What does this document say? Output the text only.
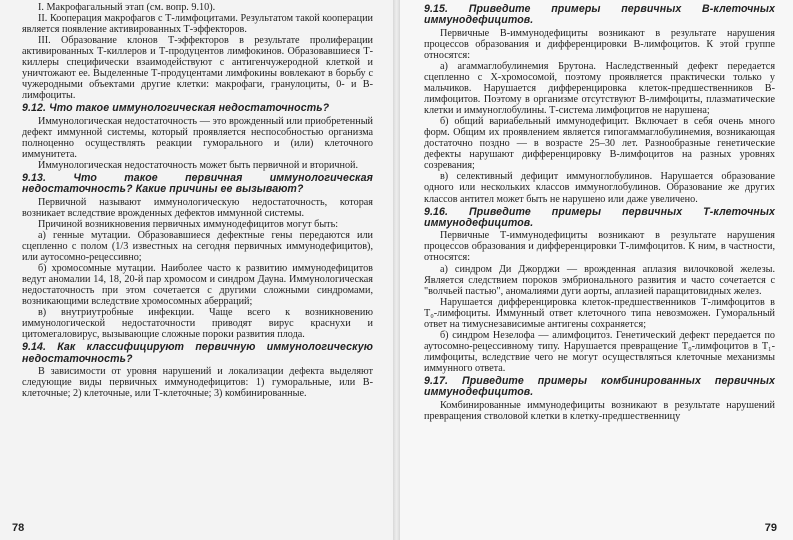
I. Макрофагальный этап (см. вопр. 9.10).

II. Кооперация макрофагов с Т-лимфоцитами. Результатом такой кооперации является появление активированных Т-эффекторов.

III. Образование клонов Т-эффекторов в результате пролиферации активированных Т-киллеров и Т-продуцентов лимфокинов. Образовавшиеся Т-киллеры специфически взаимодействуют с антигенчужеродной клеткой и уничтожают ее. Выделенные Т-продуцентами лимфокины вовлекают в борьбу с чужеродными объектами другие клетки: макрофаги, гранулоциты, 0- и В-лимфоциты.

9.12. Что такое иммунологическая недостаточность?

Иммунологическая недостаточность — это врожденный или приобретенный дефект иммунной системы, который проявляется неспособностью организма полноценно осуществлять реакции гуморального и (или) клеточного иммунитета.

Иммунологическая недостаточность может быть первичной и вторичной.

9.13. Что такое первичная иммунологическая недостаточность? Какие причины ее вызывают?

Первичной называют иммунологическую недостаточность, которая возникает вследствие врожденных дефектов иммунной системы.

Причиной возникновения первичных иммунодефицитов могут быть:

а) генные мутации. Образовавшиеся дефектные гены передаются или сцепленно с полом (1/3 известных на сегодня первичных иммунодефицитов), или аутосомно-рецессивно;

б) хромосомные мутации. Наиболее часто к развитию иммунодефицитов ведут аномалии 14, 18, 20-й пар хромосом и синдром Дауна. Иммунологическая недостаточность при этом сочетается с другими сложными синдромами, возникающими вследствие хромосомных аберраций;

в) внутриутробные инфекции. Чаще всего к возникновению иммунологической недостаточности приводят вирус краснухи и цитомегаловирус, вызывающие сложные пороки развития плода.

9.14. Как классифицируют первичную иммунологическую недостаточность?

В зависимости от уровня нарушений и локализации дефекта выделяют следующие виды первичных иммунодефицитов: 1) гуморальные, или В-клеточные; 2) клеточные, или Т-клеточные; 3) комбинированные.

78

9.15. Приведите примеры первичных В-клеточных иммунодефицитов.

Первичные В-иммунодефициты возникают в результате нарушения процессов образования и дифференцировки В-лимфоцитов. К этой группе относятся:

а) агаммаглобулинемия Брутона. Наследственный дефект передается сцепленно с X-хромосомой, поэтому проявляется практически только у мальчиков. Нарушается дифференцировка клеток-предшественников В-лимфоцитов. Поэтому в организме отсутствуют В-лимфоциты, плазматические клетки и иммуноглобулины. Т-система лимфоцитов не нарушена;

б) общий вариабельный иммунодефицит. Включает в себя очень много форм. Общим их проявлением является гипогаммаглобулинемия, возникающая достаточно поздно — в возрасте 25–30 лет. Разнообразные генетические дефекты нарушают дифференцировку В-лимфоцитов на разных уровнях созревания;

в) селективный дефицит иммуноглобулинов. Нарушается образование одного или нескольких классов иммуноглобулинов. Образование же других классов антител может быть не нарушено или даже увеличено.

9.16. Приведите примеры первичных Т-клеточных иммунодефицитов.

Первичные Т-иммунодефициты возникают в результате нарушения процессов образования и дифференцировки Т-лимфоцитов. К ним, в частности, относятся:

а) синдром Ди Джорджи — врожденная аплазия вилочковой железы. Является следствием пороков эмбрионального развития и часто сочетается с "волчьей пастью", аномалиями дуги аорты, аплазией паращитовидных желез.

Нарушается дифференцировка клеток-предшественников Т-лимфоцитов в Т₀-лимфоциты. Иммунный ответ клеточного типа невозможен. Гуморальный ответ на тимуснезависимые антигены сохраняется;

б) синдром Незелофа — алимфоцитоз. Генетический дефект передается по аутосомно-рецессивному типу. Нарушается превращение Т₀-лимфоцитов в Т₁-лимфоциты, вследствие чего не могут осуществляться клеточные механизмы иммунного ответа.

9.17. Приведите примеры комбинированных первичных иммунодефицитов.

Комбинированные иммунодефициты возникают в результате нарушений превращения стволовой клетки в клетку-предшественницу

79
